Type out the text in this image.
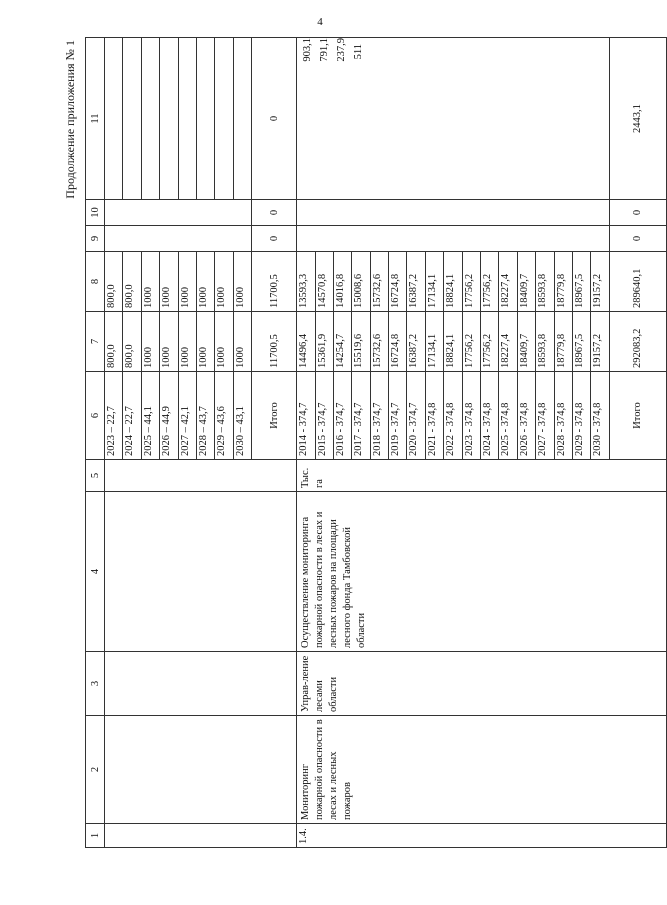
4
Продолжение приложения № 1
1	2	3	4	5	6	7	8	9	10	11
					2023 – 22,7	800,0	800,0			
					2024 – 22,7	800,0	800,0			
					2025 – 44,1	1000	1000			
					2026 – 44,9	1000	1000			
					2027 – 42,1	1000	1000			
					2028 – 43,7	1000	1000			
					2029 – 43,6	1000	1000			
					2030 – 43,1	1000	1000			
					Итого	11700,5	11700,5	0	0	0
1.4.	Мониторинг пожарной опасности в лесах и лесных пожаров	Управ-ление лесами области	Осуществление мониторинга пожарной опасности в лесах и лесных пожаров на площади лесного фонда Тамбовской области	Тыс. га	2014 - 374,7	14496,4	13593,3			903,1 791,1 237,9 511

					2015 - 374,7	15361,9	14570,8			
					2016 - 374,7	14254,7	14016,8			
					2017 - 374,7	15519,6	15008,6			
					2018 - 374,7	15732,6	15732,6			
					2019 - 374,7	16724,8	16724,8			
					2020 - 374,7	16387,2	16387,2			
					2021 - 374,8	17134,1	17134,1			
					2022 - 374,8	18824,1	18824,1			
					2023 - 374,8	17756,2	17756,2			
					2024 - 374,8	17756,2	17756,2			
					2025 - 374,8	18227,4	18227,4			
					2026 - 374,8	18409,7	18409,7			
					2027 - 374,8	18593,8	18593,8			
					2028 - 374,8	18779,8	18779,8			
					2029 - 374,8	18967,5	18967,5			
					2030 - 374,8	19157,2	19157,2			
					Итого	292083,2	289640,1	0	0	2443,1
